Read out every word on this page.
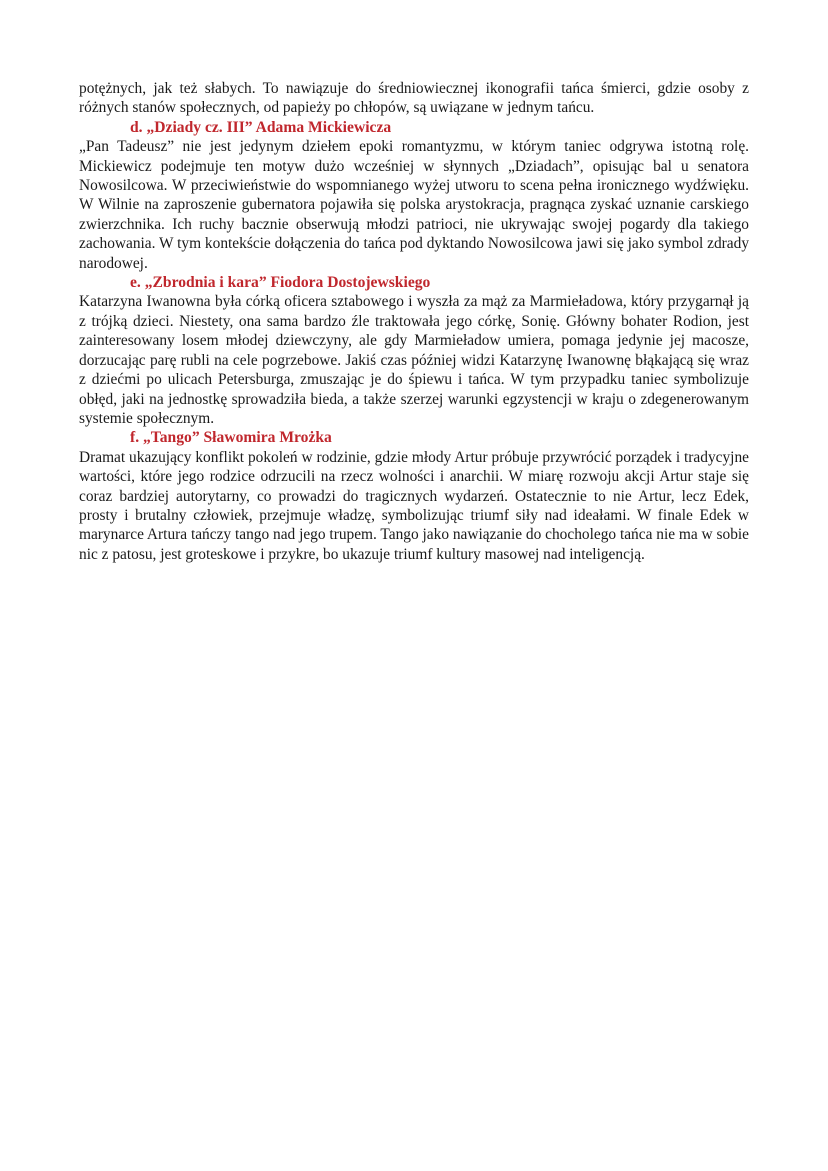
potężnych, jak też słabych. To nawiązuje do średniowiecznej ikonografii tańca śmierci, gdzie osoby z różnych stanów społecznych, od papieży po chłopów, są uwiązane w jednym tańcu.

d. „Dziady cz. III” Adama Mickiewicza

„Pan Tadeusz” nie jest jedynym dziełem epoki romantyzmu, w którym taniec odgrywa istotną rolę. Mickiewicz podejmuje ten motyw dużo wcześniej w słynnych „Dziadach”, opisując bal u senatora Nowosilcowa. W przeciwieństwie do wspomnianego wyżej utworu to scena pełna ironicznego wydźwięku. W Wilnie na zaproszenie gubernatora pojawiła się polska arystokracja, pragnąca zyskać uznanie carskiego zwierzchnika. Ich ruchy bacznie obserwują młodzi patrioci, nie ukrywając swojej pogardy dla takiego zachowania. W tym kontekście dołączenia do tańca pod dyktando Nowosilcowa jawi się jako symbol zdrady narodowej.

e. „Zbrodnia i kara” Fiodora Dostojewskiego

Katarzyna Iwanowna była córką oficera sztabowego i wyszła za mąż za Marmieładowa, który przygarnął ją z trójką dzieci. Niestety, ona sama bardzo źle traktowała jego córkę, Sonię. Główny bohater Rodion, jest zainteresowany losem młodej dziewczyny, ale gdy Marmieładow umiera, pomaga jedynie jej macosze, dorzucając parę rubli na cele pogrzebowe. Jakiś czas później widzi Katarzynę Iwanownę błąkającą się wraz z dziećmi po ulicach Petersburga, zmuszając je do śpiewu i tańca. W tym przypadku taniec symbolizuje obłęd, jaki na jednostkę sprowadziła bieda, a także szerzej warunki egzystencji w kraju o zdegenerowanym systemie społecznym.

f. „Tango” Sławomira Mrożka

Dramat ukazujący konflikt pokoleń w rodzinie, gdzie młody Artur próbuje przywrócić porządek i tradycyjne wartości, które jego rodzice odrzucili na rzecz wolności i anarchii. W miarę rozwoju akcji Artur staje się coraz bardziej autorytarny, co prowadzi do tragicznych wydarzeń. Ostatecznie to nie Artur, lecz Edek, prosty i brutalny człowiek, przejmuje władzę, symbolizując triumf siły nad ideałami. W finale Edek w marynarce Artura tańczy tango nad jego trupem. Tango jako nawiązanie do chocholego tańca nie ma w sobie nic z patosu, jest groteskowe i przykre, bo ukazuje triumf kultury masowej nad inteligencją.
